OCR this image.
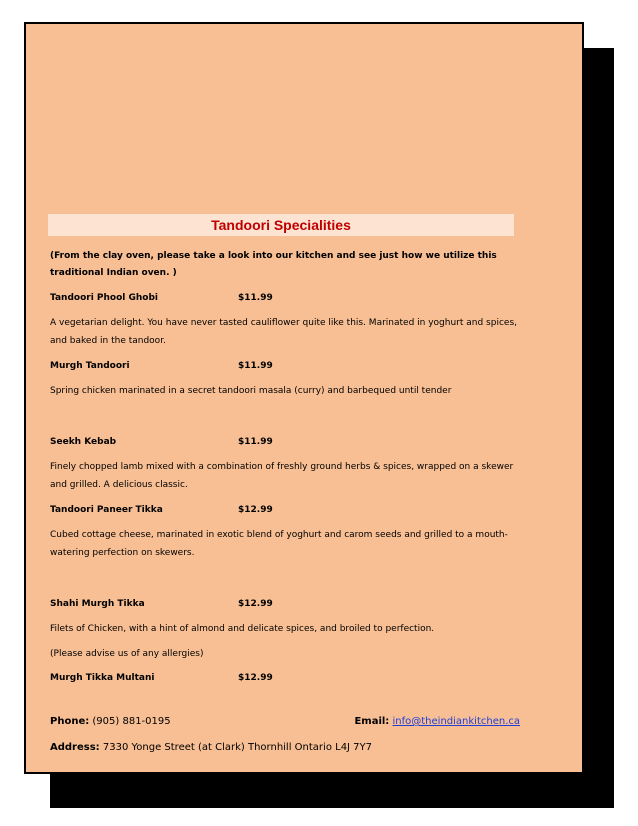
Tandoori Specialities

(From the clay oven, please take a look into our kitchen and see just how we utilize this traditional Indian oven. )

Tandoori Phool Ghobi	$11.99

A vegetarian delight. You have never tasted cauliflower quite like this. Marinated in yoghurt and spices, and baked in the tandoor.

Murgh Tandoori	$11.99

Spring chicken marinated in a secret tandoori masala (curry) and barbequed until tender

Seekh Kebab	$11.99

Finely chopped lamb mixed with a combination of freshly ground herbs & spices, wrapped on a skewer and grilled. A delicious classic.

Tandoori Paneer Tikka	$12.99

Cubed cottage cheese, marinated in exotic blend of yoghurt and carom seeds and grilled to a mouth-watering perfection on skewers.

Shahi Murgh Tikka	$12.99

Filets of Chicken, with a hint of almond and delicate spices, and broiled to perfection.

(Please advise us of any allergies)

Murgh Tikka Multani	$12.99
Phone: (905) 881-0195	Email: info@theindiankitchen.ca
Address: 7330 Yonge Street (at Clark) Thornhill Ontario L4J 7Y7
